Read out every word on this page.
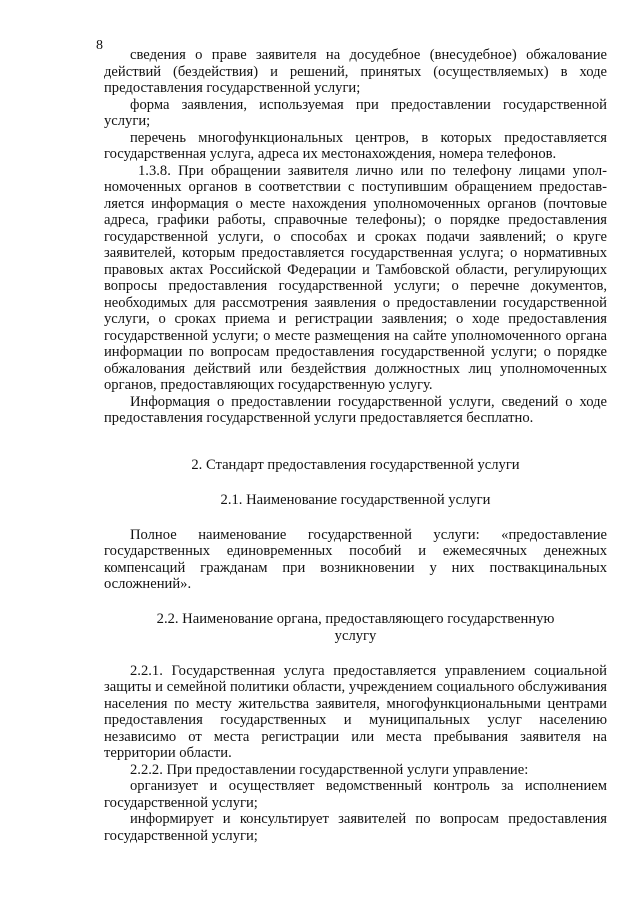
8

сведения о праве заявителя на досудебное (внесудебное) обжалование действий (бездействия) и решений, принятых (осуществляемых) в ходе предоставления государственной услуги;

форма заявления, используемая при предоставлении государственной услуги;

перечень многофункциональных центров, в которых предоставляется государственная услуга, адреса их местонахождения, номера телефонов.

1.3.8. При обращении заявителя лично или по телефону лицами уполномоченных органов в соответствии с поступившим обращением предоставляется информация о месте нахождения уполномоченных органов (почтовые адреса, графики работы, справочные телефоны); о порядке предоставления государственной услуги, о способах и сроках подачи заявлений; о круге заявителей, которым предоставляется государственная услуга; о нормативных правовых актах Российской Федерации и Тамбовской области, регулирующих вопросы предоставления государственной услуги; о перечне документов, необходимых для рассмотрения заявления о предоставлении государственной услуги, о сроках приема и регистрации заявления; о ходе предоставления государственной услуги; о месте размещения на сайте уполномоченного органа информации по вопросам предоставления государственной услуги; о порядке обжалования действий или бездействия должностных лиц уполномоченных органов, предоставляющих государственную услугу.

Информация о предоставлении государственной услуги, сведений о ходе предоставления государственной услуги предоставляется бесплатно.

2. Стандарт предоставления государственной услуги
2.1. Наименование государственной услуги

Полное наименование государственной услуги: «предоставление государственных единовременных пособий и ежемесячных денежных компенсаций гражданам при возникновении у них поствакцинальных осложнений».

2.2. Наименование органа, предоставляющего государственную услугу

2.2.1. Государственная услуга предоставляется управлением социальной защиты и семейной политики области, учреждением социального обслуживания населения по месту жительства заявителя, многофункциональными центрами предоставления государственных и муниципальных услуг населению независимо от места регистрации или места пребывания заявителя на территории области.

2.2.2. При предоставлении государственной услуги управление:

организует и осуществляет ведомственный контроль за исполнением государственной услуги;

информирует и консультирует заявителей по вопросам предоставления государственной услуги;
